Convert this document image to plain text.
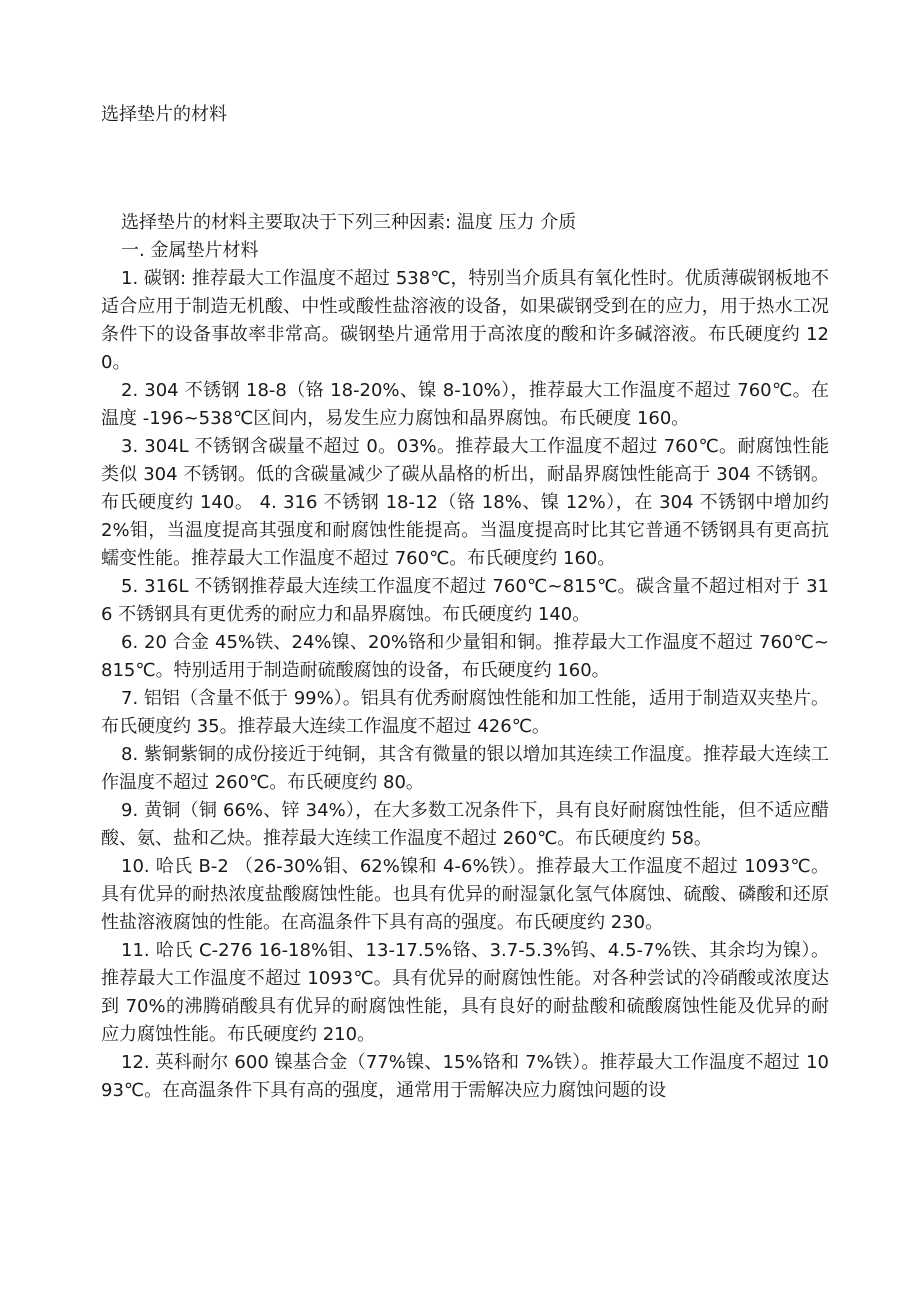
选择垫片的材料

选择垫片的材料主要取决于下列三种因素: 温度 压力 介质

一. 金属垫片材料

1. 碳钢: 推荐最大工作温度不超过 538℃，特别当介质具有氧化性时。优质薄碳钢板地不适合应用于制造无机酸、中性或酸性盐溶液的设备，如果碳钢受到在的应力，用于热水工况条件下的设备事故率非常高。碳钢垫片通常用于高浓度的酸和许多碱溶液。布氏硬度约 120。

2. 304 不锈钢 18-8（铬 18-20%、镍 8-10%），推荐最大工作温度不超过 760℃。在温度 -196~538℃区间内，易发生应力腐蚀和晶界腐蚀。布氏硬度 160。

3. 304L 不锈钢含碳量不超过 0。03%。推荐最大工作温度不超过 760℃。耐腐蚀性能类似 304 不锈钢。低的含碳量减少了碳从晶格的析出，耐晶界腐蚀性能高于 304 不锈钢。布氏硬度约 140。 4. 316 不锈钢 18-12（铬 18%、镍 12%），在 304 不锈钢中增加约 2%钼，当温度提高其强度和耐腐蚀性能提高。当温度提高时比其它普通不锈钢具有更高抗蠕变性能。推荐最大工作温度不超过 760℃。布氏硬度约 160。

5. 316L 不锈钢推荐最大连续工作温度不超过 760℃~815℃。碳含量不超过相对于 316 不锈钢具有更优秀的耐应力和晶界腐蚀。布氏硬度约 140。

6. 20 合金 45%铁、24%镍、20%铬和少量钼和铜。推荐最大工作温度不超过 760℃~815℃。特别适用于制造耐硫酸腐蚀的设备，布氏硬度约 160。

7. 铝铝（含量不低于 99%）。铝具有优秀耐腐蚀性能和加工性能，适用于制造双夹垫片。布氏硬度约 35。推荐最大连续工作温度不超过 426℃。

8. 紫铜紫铜的成份接近于纯铜，其含有微量的银以增加其连续工作温度。推荐最大连续工作温度不超过 260℃。布氏硬度约 80。

9. 黄铜（铜 66%、锌 34%），在大多数工况条件下，具有良好耐腐蚀性能，但不适应醋酸、氨、盐和乙炔。推荐最大连续工作温度不超过 260℃。布氏硬度约 58。

10. 哈氏 B-2 （26-30%钼、62%镍和 4-6%铁）。推荐最大工作温度不超过 1093℃。具有优异的耐热浓度盐酸腐蚀性能。也具有优异的耐湿氯化氢气体腐蚀、硫酸、磷酸和还原性盐溶液腐蚀的性能。在高温条件下具有高的强度。布氏硬度约 230。

11. 哈氏 C-276 16-18%钼、13-17.5%铬、3.7-5.3%钨、4.5-7%铁、其余均为镍）。推荐最大工作温度不超过 1093℃。具有优异的耐腐蚀性能。对各种尝试的冷硝酸或浓度达到 70%的沸腾硝酸具有优异的耐腐蚀性能，具有良好的耐盐酸和硫酸腐蚀性能及优异的耐应力腐蚀性能。布氏硬度约 210。

12. 英科耐尔 600 镍基合金（77%镍、15%铬和 7%铁）。推荐最大工作温度不超过 1093℃。在高温条件下具有高的强度，通常用于需解决应力腐蚀问题的设
